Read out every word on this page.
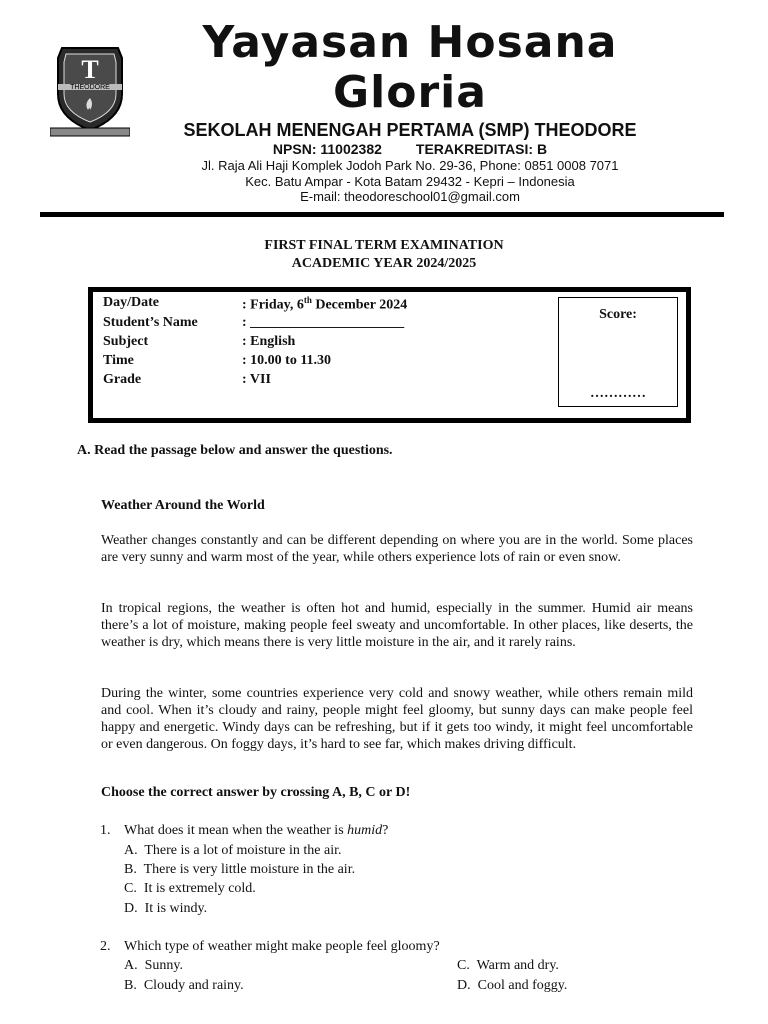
T
THEODORE
Yayasan Hosana Gloria
SEKOLAH MENENGAH PERTAMA (SMP) THEODORE
NPSN: 11002382 TERAKREDITASI: B
Jl. Raja Ali Haji Komplek Jodoh Park No. 29-36, Phone: 0851 0008 7071
Kec. Batu Ampar - Kota Batam 29432 - Kepri – Indonesia
E-mail: theodoreschool01@gmail.com
FIRST FINAL TERM EXAMINATION
ACADEMIC YEAR 2024/2025
Day/Date	: Friday, 6th December 2024
Student’s Name	: ______________________
Subject	: English
Time	: 10.00 to 11.30
Grade	: VII
Score:
…………
A. Read the passage below and answer the questions.
Weather Around the World
Weather changes constantly and can be different depending on where you are in the world. Some places are very sunny and warm most of the year, while others experience lots of rain or even snow.
In tropical regions, the weather is often hot and humid, especially in the summer. Humid air means there’s a lot of moisture, making people feel sweaty and uncomfortable. In other places, like deserts, the weather is dry, which means there is very little moisture in the air, and it rarely rains.
During the winter, some countries experience very cold and snowy weather, while others remain mild and cool. When it’s cloudy and rainy, people might feel gloomy, but sunny days can make people feel happy and energetic. Windy days can be refreshing, but if it gets too windy, it might feel uncomfortable or even dangerous. On foggy days, it’s hard to see far, which makes driving difficult.
Choose the correct answer by crossing A, B, C or D!
1. What does it mean when the weather is humid?
A. There is a lot of moisture in the air.
B. There is very little moisture in the air.
C. It is extremely cold.
D. It is windy.
2. Which type of weather might make people feel gloomy?
A. Sunny.
B. Cloudy and rainy.
C. Warm and dry.
D. Cool and foggy.
